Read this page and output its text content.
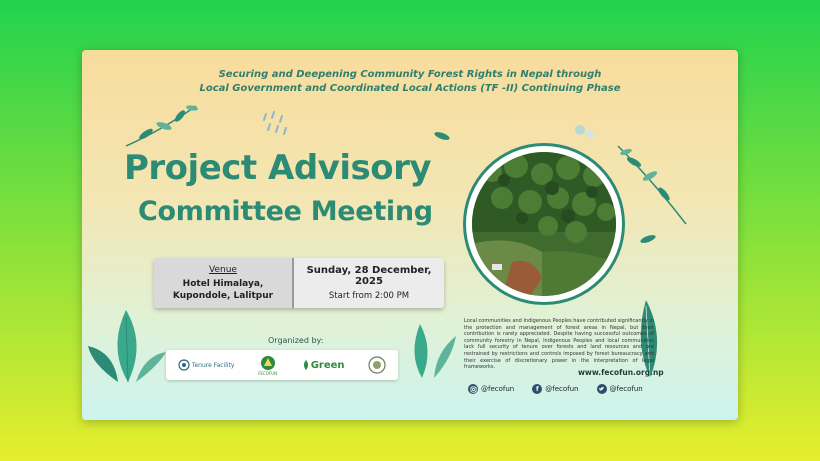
Securing and Deepening Community Forest Rights in Nepal through
Local Government and Coordinated Local Actions (TF -II) Continuing Phase
Project Advisory
Committee Meeting
Venue
Hotel Himalaya,
Kupondole, Lalitpur
Sunday, 28 December, 2025
Start from 2:00 PM
Organized by:
Tenure Facility
FECOFUN
Green
Local communities and Indigenous Peoples have contributed significantly in the protection and management of forest areas in Nepal, but their contribution is rarely appreciated. Despite having successful outcomes of community forestry in Nepal, Indigenous Peoples and local communities lack full security of tenure over forests and land resources and are restrained by restrictions and controls imposed by forest bureaucracy and their exercise of discretionary power in the interpretation of legal frameworks.
www.fecofun.org.np
@fecofun	f @fecofun	@fecofun
